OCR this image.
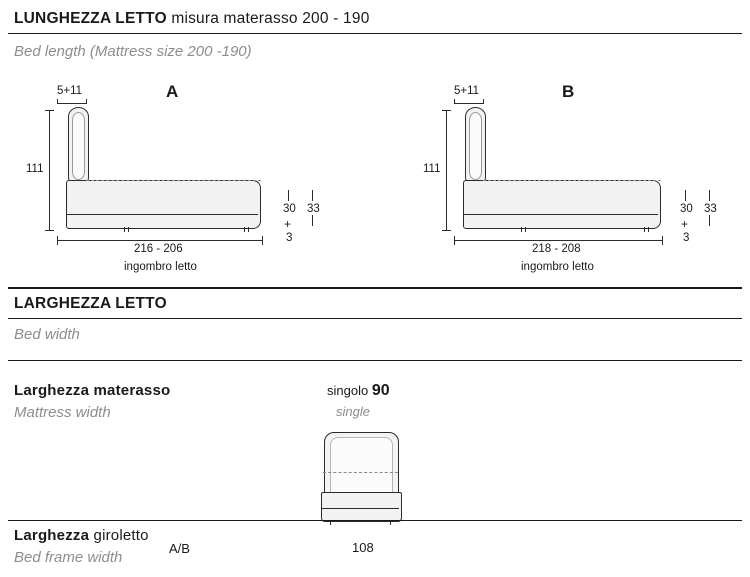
LUNGHEZZA LETTO misura materasso 200 - 190
Bed length (Mattress size 200 -190)
5+11	A
111
30 33
+
3
216 - 206
ingombro letto
5+11	B
111
30 33
+
3
218 - 208
ingombro letto
LARGHEZZA LETTO
Bed width
Larghezza materasso
Mattress width
singolo 90
single
108
Larghezza giroletto
Bed frame width
A/B
